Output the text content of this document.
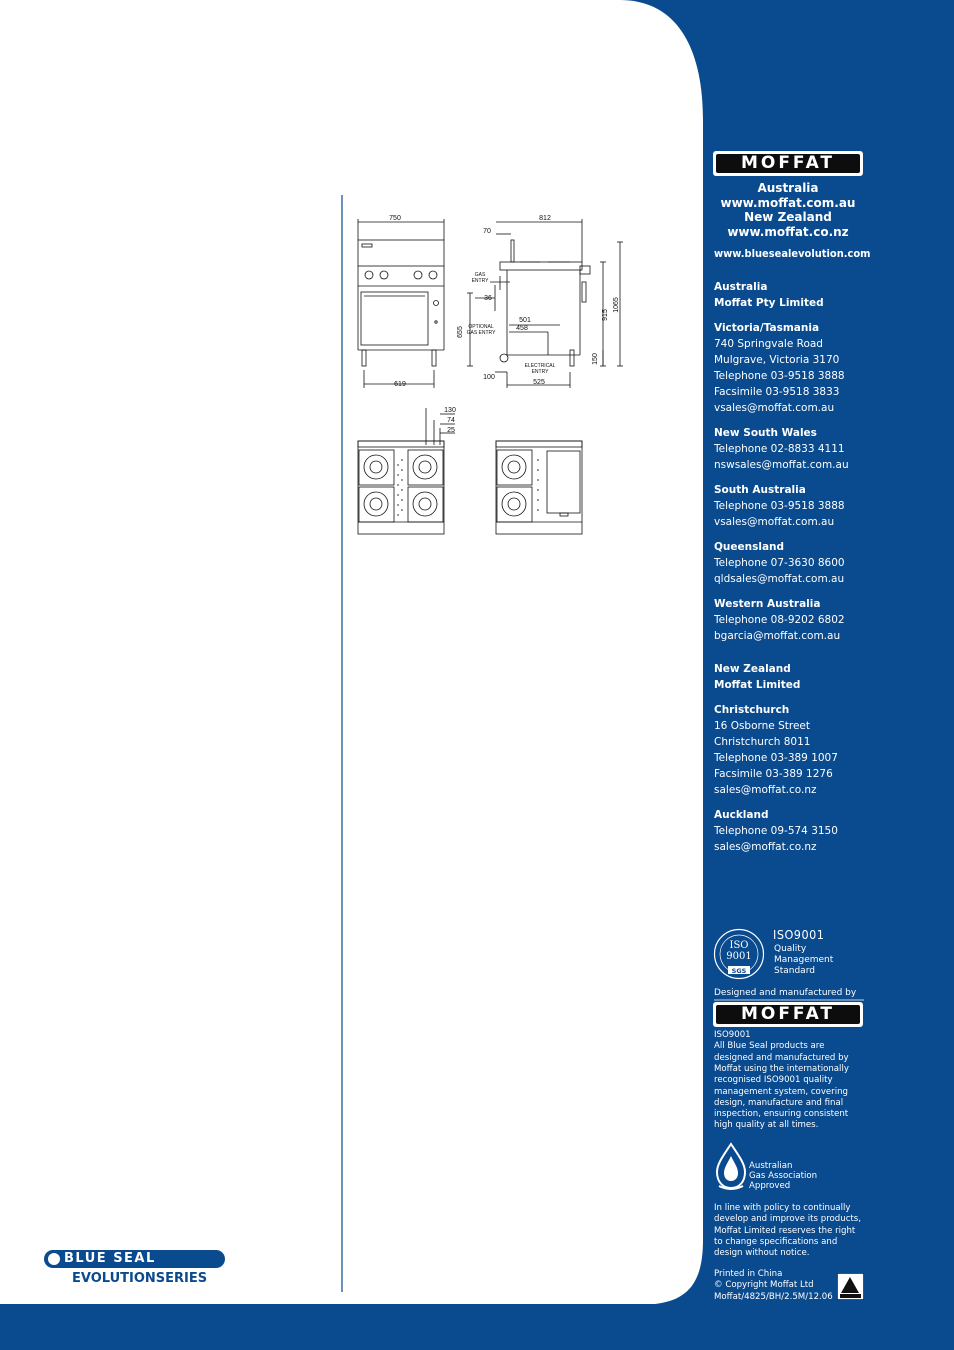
MOFFAT
Australia
www.moffat.com.au
New Zealand
www.moffat.co.nz
www.bluesealevolution.com
Australia
Moffat Pty Limited
Victoria/Tasmania
740 Springvale Road
Mulgrave, Victoria 3170
Telephone 03-9518 3888
Facsimile 03-9518 3833
vsales@moffat.com.au
New South Wales
Telephone 02-8833 4111
nswsales@moffat.com.au
South Australia
Telephone 03-9518 3888
vsales@moffat.com.au
Queensland
Telephone 07-3630 8600
qldsales@moffat.com.au
Western Australia
Telephone 08-9202 6802
bgarcia@moffat.com.au
New Zealand
Moffat Limited
Christchurch
16 Osborne Street
Christchurch 8011
Telephone 03-389 1007
Facsimile 03-389 1276
sales@moffat.co.nz
Auckland
Telephone 09-574 3150
sales@moffat.co.nz
ISO
9001
SGS
ISO9001
Quality
Management
Standard
Designed and manufactured by
MOFFAT
ISO9001
All Blue Seal products are
designed and manufactured by
Moffat using the internationally
recognised ISO9001 quality
management system, covering
design, manufacture and final
inspection, ensuring consistent
high quality at all times.
Australian
Gas Association
Approved
In line with policy to continually
develop and improve its products,
Moffat Limited reserves the right
to change specifications and
design without notice.
Printed in China
© Copyright Moffat Ltd
Moffat/4825/BH/2.5M/12.06
750	812
70
36
501
458
100
525
619
130
74
25
655
915
1065
150
GAS
ENTRY
OPTIONAL
GAS ENTRY
ELECTRICAL
ENTRY
BLUE SEAL
EVOLUTIONSERIES
